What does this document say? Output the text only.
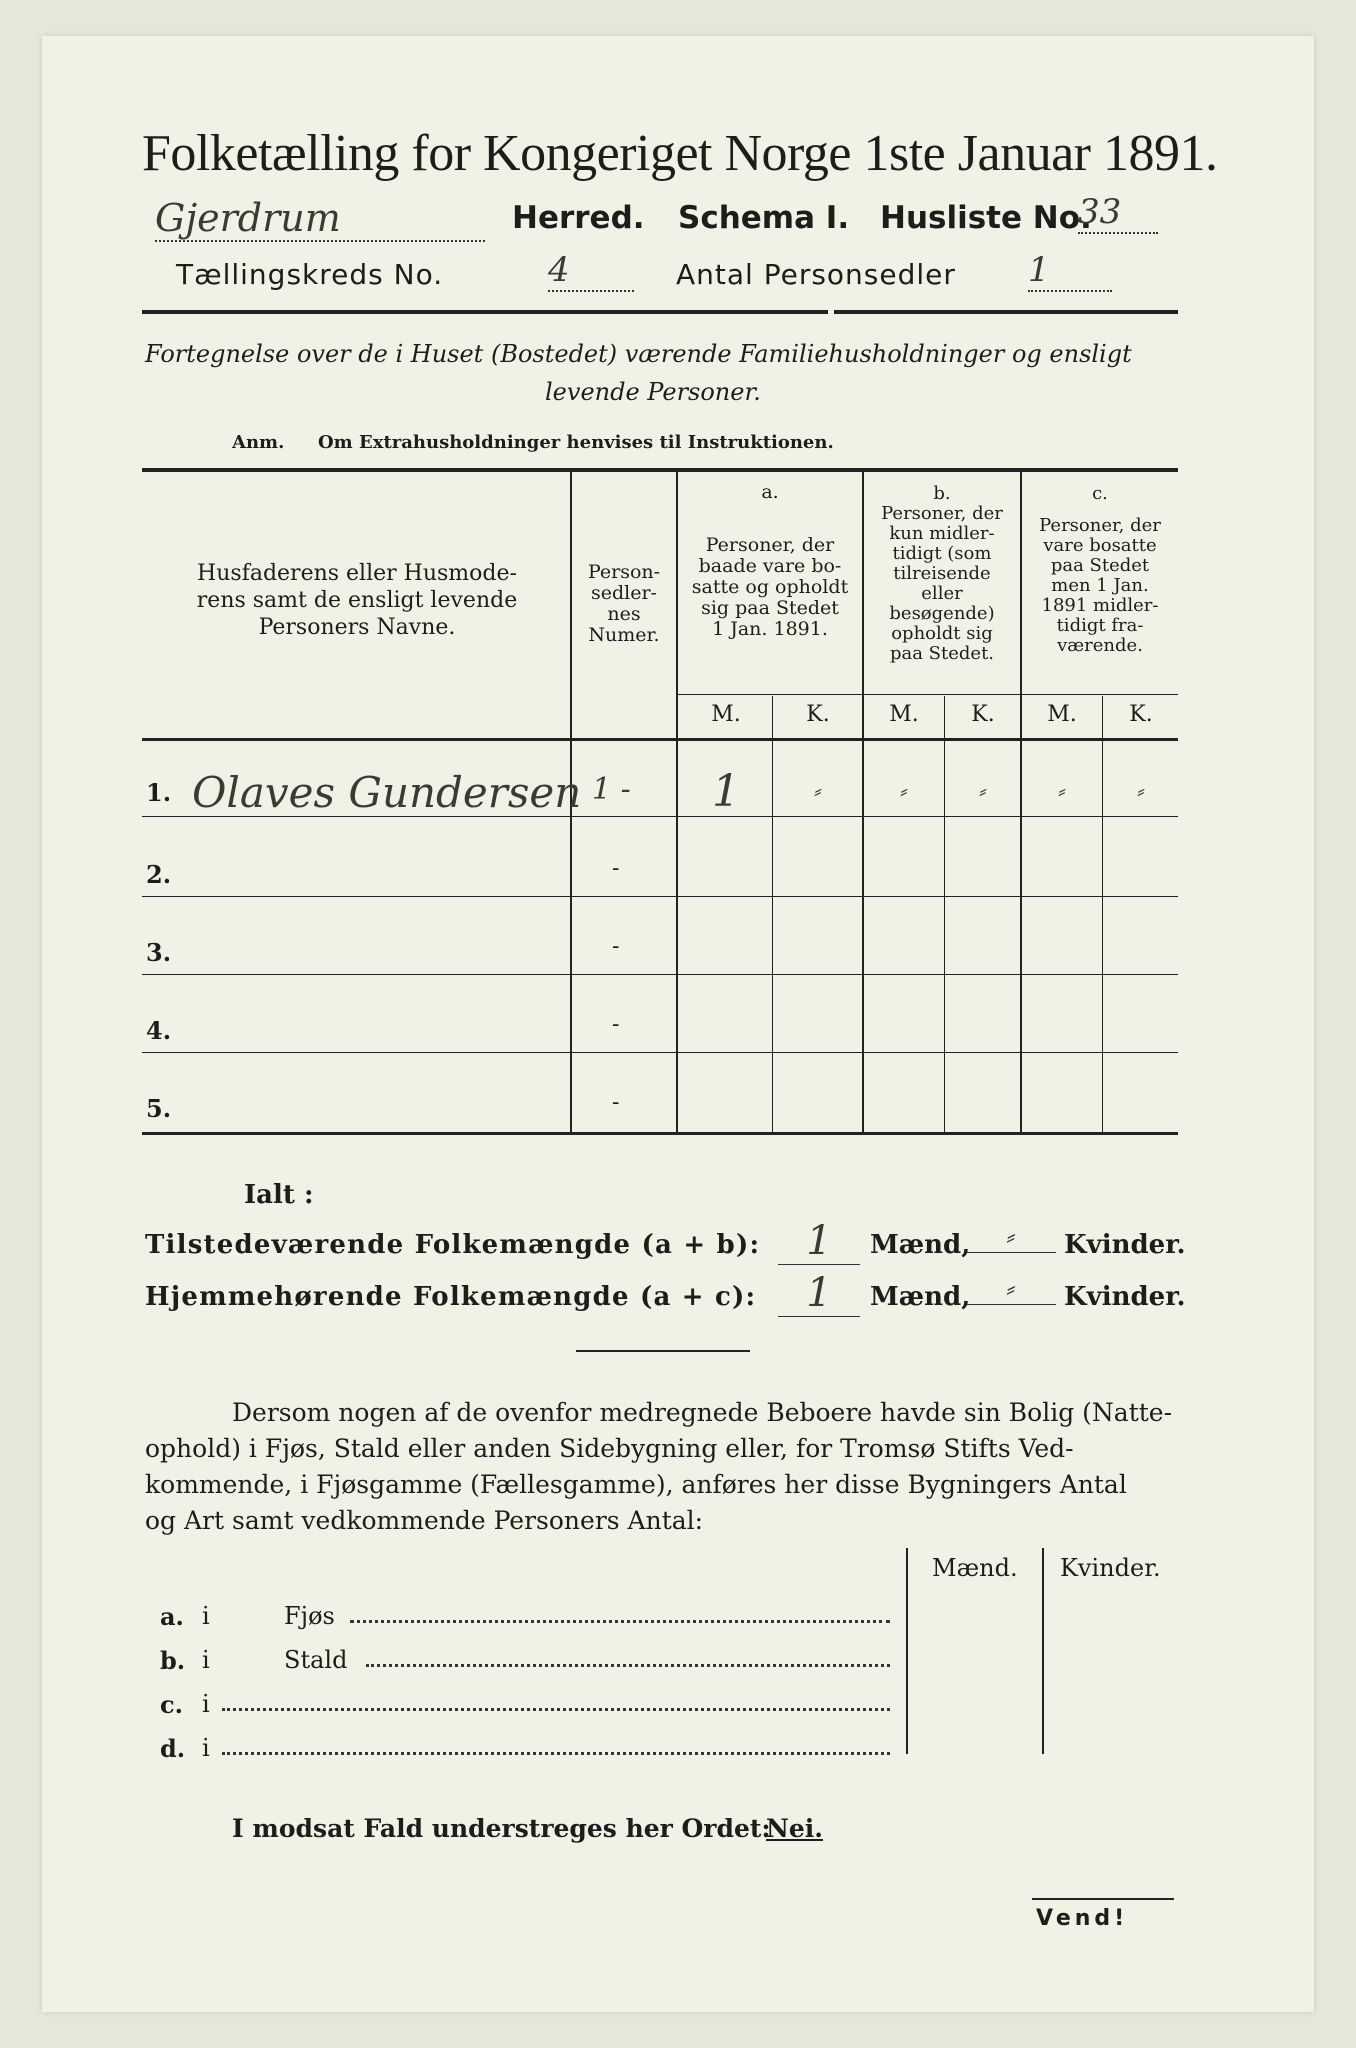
Folketælling for Kongeriget Norge 1ste Januar 1891.
Gjerdrum	Herred. Schema I. Husliste No.
33
Tællingskreds No.	4	Antal Personsedler 1
Fortegnelse over de i Huset (Bostedet) værende Familiehusholdninger og ensligt
levende Personer.
Anm. Om Extrahusholdninger henvises til Instruktionen.
Husfaderens eller Husmode-
rens samt de ensligt levende
Personers Navne.
Person-
sedler-
nes
Numer.
a.
Personer, der
baade vare bo-
satte og opholdt
sig paa Stedet
1 Jan. 1891.
b.
Personer, der
kun midler-
tidigt (som
tilreisende
eller
besøgende)
opholdt sig
paa Stedet.
c.
Personer, der
vare bosatte
paa Stedet
men 1 Jan.
1891 midler-
tidigt fra-
værende.
M.	K.	M.	K.	M.	K.
1. Olaves Gundersen 1 -	1	⸗	⸗	⸗	⸗	⸗
2.	-
3.	-
4.	-
5.	-
Ialt :
Tilstedeværende Folkemængde (a + b):	1	Mænd,	⸗	Kvinder.
Hjemmehørende Folkemængde (a + c):	1	Mænd,	⸗	Kvinder.
Dersom nogen af de ovenfor medregnede Beboere havde sin Bolig (Natte-
ophold) i Fjøs, Stald eller anden Sidebygning eller, for Tromsø Stifts Ved-
kommende, i Fjøsgamme (Fællesgamme), anføres her disse Bygningers Antal
og Art samt vedkommende Personers Antal:
Mænd. Kvinder.
a. i	Fjøs
b. i	Stald
c. i
d. i
I modsat Fald understreges her Ordet:
Nei.
Vend!
